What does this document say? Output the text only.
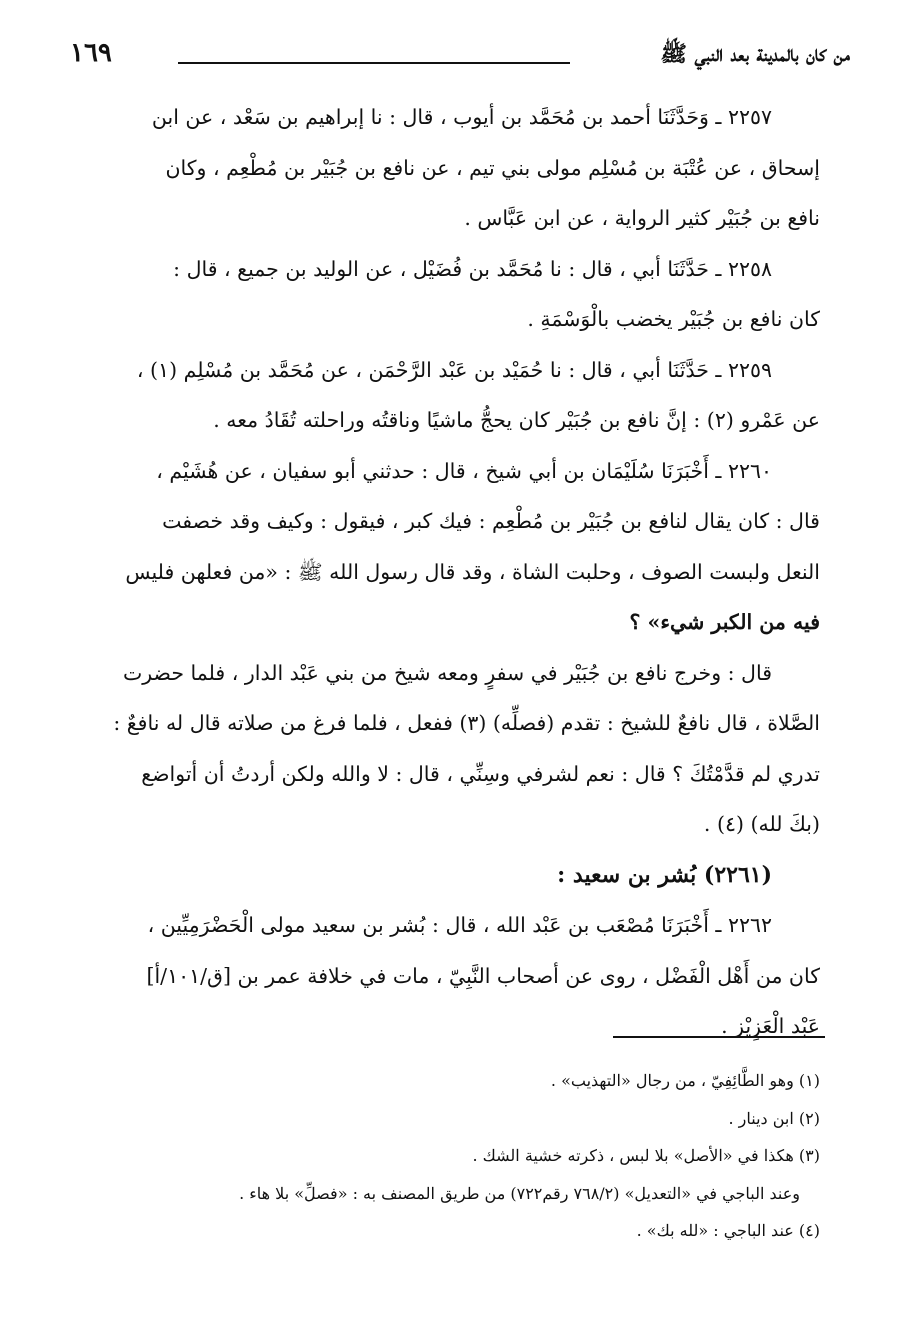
من كان بالمدينة بعد النبي ﷺ
١٦٩

٢٢٥٧ ـ وَحَدَّثَنَا أحمد بن مُحَمَّد بن أيوب ، قال : نا إبراهيم بن سَعْد ، عن ابن
إسحاق ، عن عُتْبَة بن مُسْلِم مولى بني تيم ، عن نافع بن جُبَيْر بن مُطْعِم ، وكان
نافع بن جُبَيْر كثير الرواية ، عن ابن عَبَّاس .

٢٢٥٨ ـ حَدَّثَنَا أبي ، قال : نا مُحَمَّد بن فُضَيْل ، عن الوليد بن جميع ، قال :
كان نافع بن جُبَيْر يخضب بالْوَسْمَةِ .

٢٢٥٩ ـ حَدَّثَنَا أبي ، قال : نا حُمَيْد بن عَبْد الرَّحْمَن ، عن مُحَمَّد بن مُسْلِم (١) ،
عن عَمْرو (٢) : إنَّ نافع بن جُبَيْر كان يحجُّ ماشيًا وناقتُه وراحلته تُقَادُ معه .

٢٢٦٠ ـ أَخْبَرَنَا سُلَيْمَان بن أبي شيخ ، قال : حدثني أبو سفيان ، عن هُشَيْم ،
قال : كان يقال لنافع بن جُبَيْر بن مُطْعِم : فيك كبر ، فيقول : وكيف وقد خصفت
النعل ولبست الصوف ، وحلبت الشاة ، وقد قال رسول الله ﷺ : «من فعلهن فليس
فيه من الكبر شيء» ؟

قال : وخرج نافع بن جُبَيْر في سفرٍ ومعه شيخ من بني عَبْد الدار ، فلما حضرت
الصَّلاة ، قال نافعٌ للشيخ : تقدم (فصلِّه) (٣) ففعل ، فلما فرغ من صلاته قال له نافعٌ :
تدري لم قدَّمْتُكَ ؟ قال : نعم لشرفي وسِنِّي ، قال : لا والله ولكن أردتُ أن أتواضع
(بكَ لله) (٤) .

(٢٢٦١) بُشر بن سعيد :

٢٢٦٢ ـ أَخْبَرَنَا مُصْعَب بن عَبْد الله ، قال : بُشر بن سعيد مولى الْحَضْرَمِيِّين ،
كان من أَهْل الْفَضْل ، روى عن أصحاب النَّبِيّ ، مات في خلافة عمر بن [ق/١٠١/أ]
عَبْد الْعَزِيْز .

(١) وهو الطَّائِفِيّ ، من رجال «التهذيب» .
(٢) ابن دينار .
(٣) هكذا في «الأصل» بلا لبس ، ذكرته خشية الشك .
وعند الباجي في «التعديل» (٧٦٨/٢ رقم٧٢٢) من طريق المصنف به : «فصلِّ» بلا هاء .
(٤) عند الباجي : «لله بك» .
